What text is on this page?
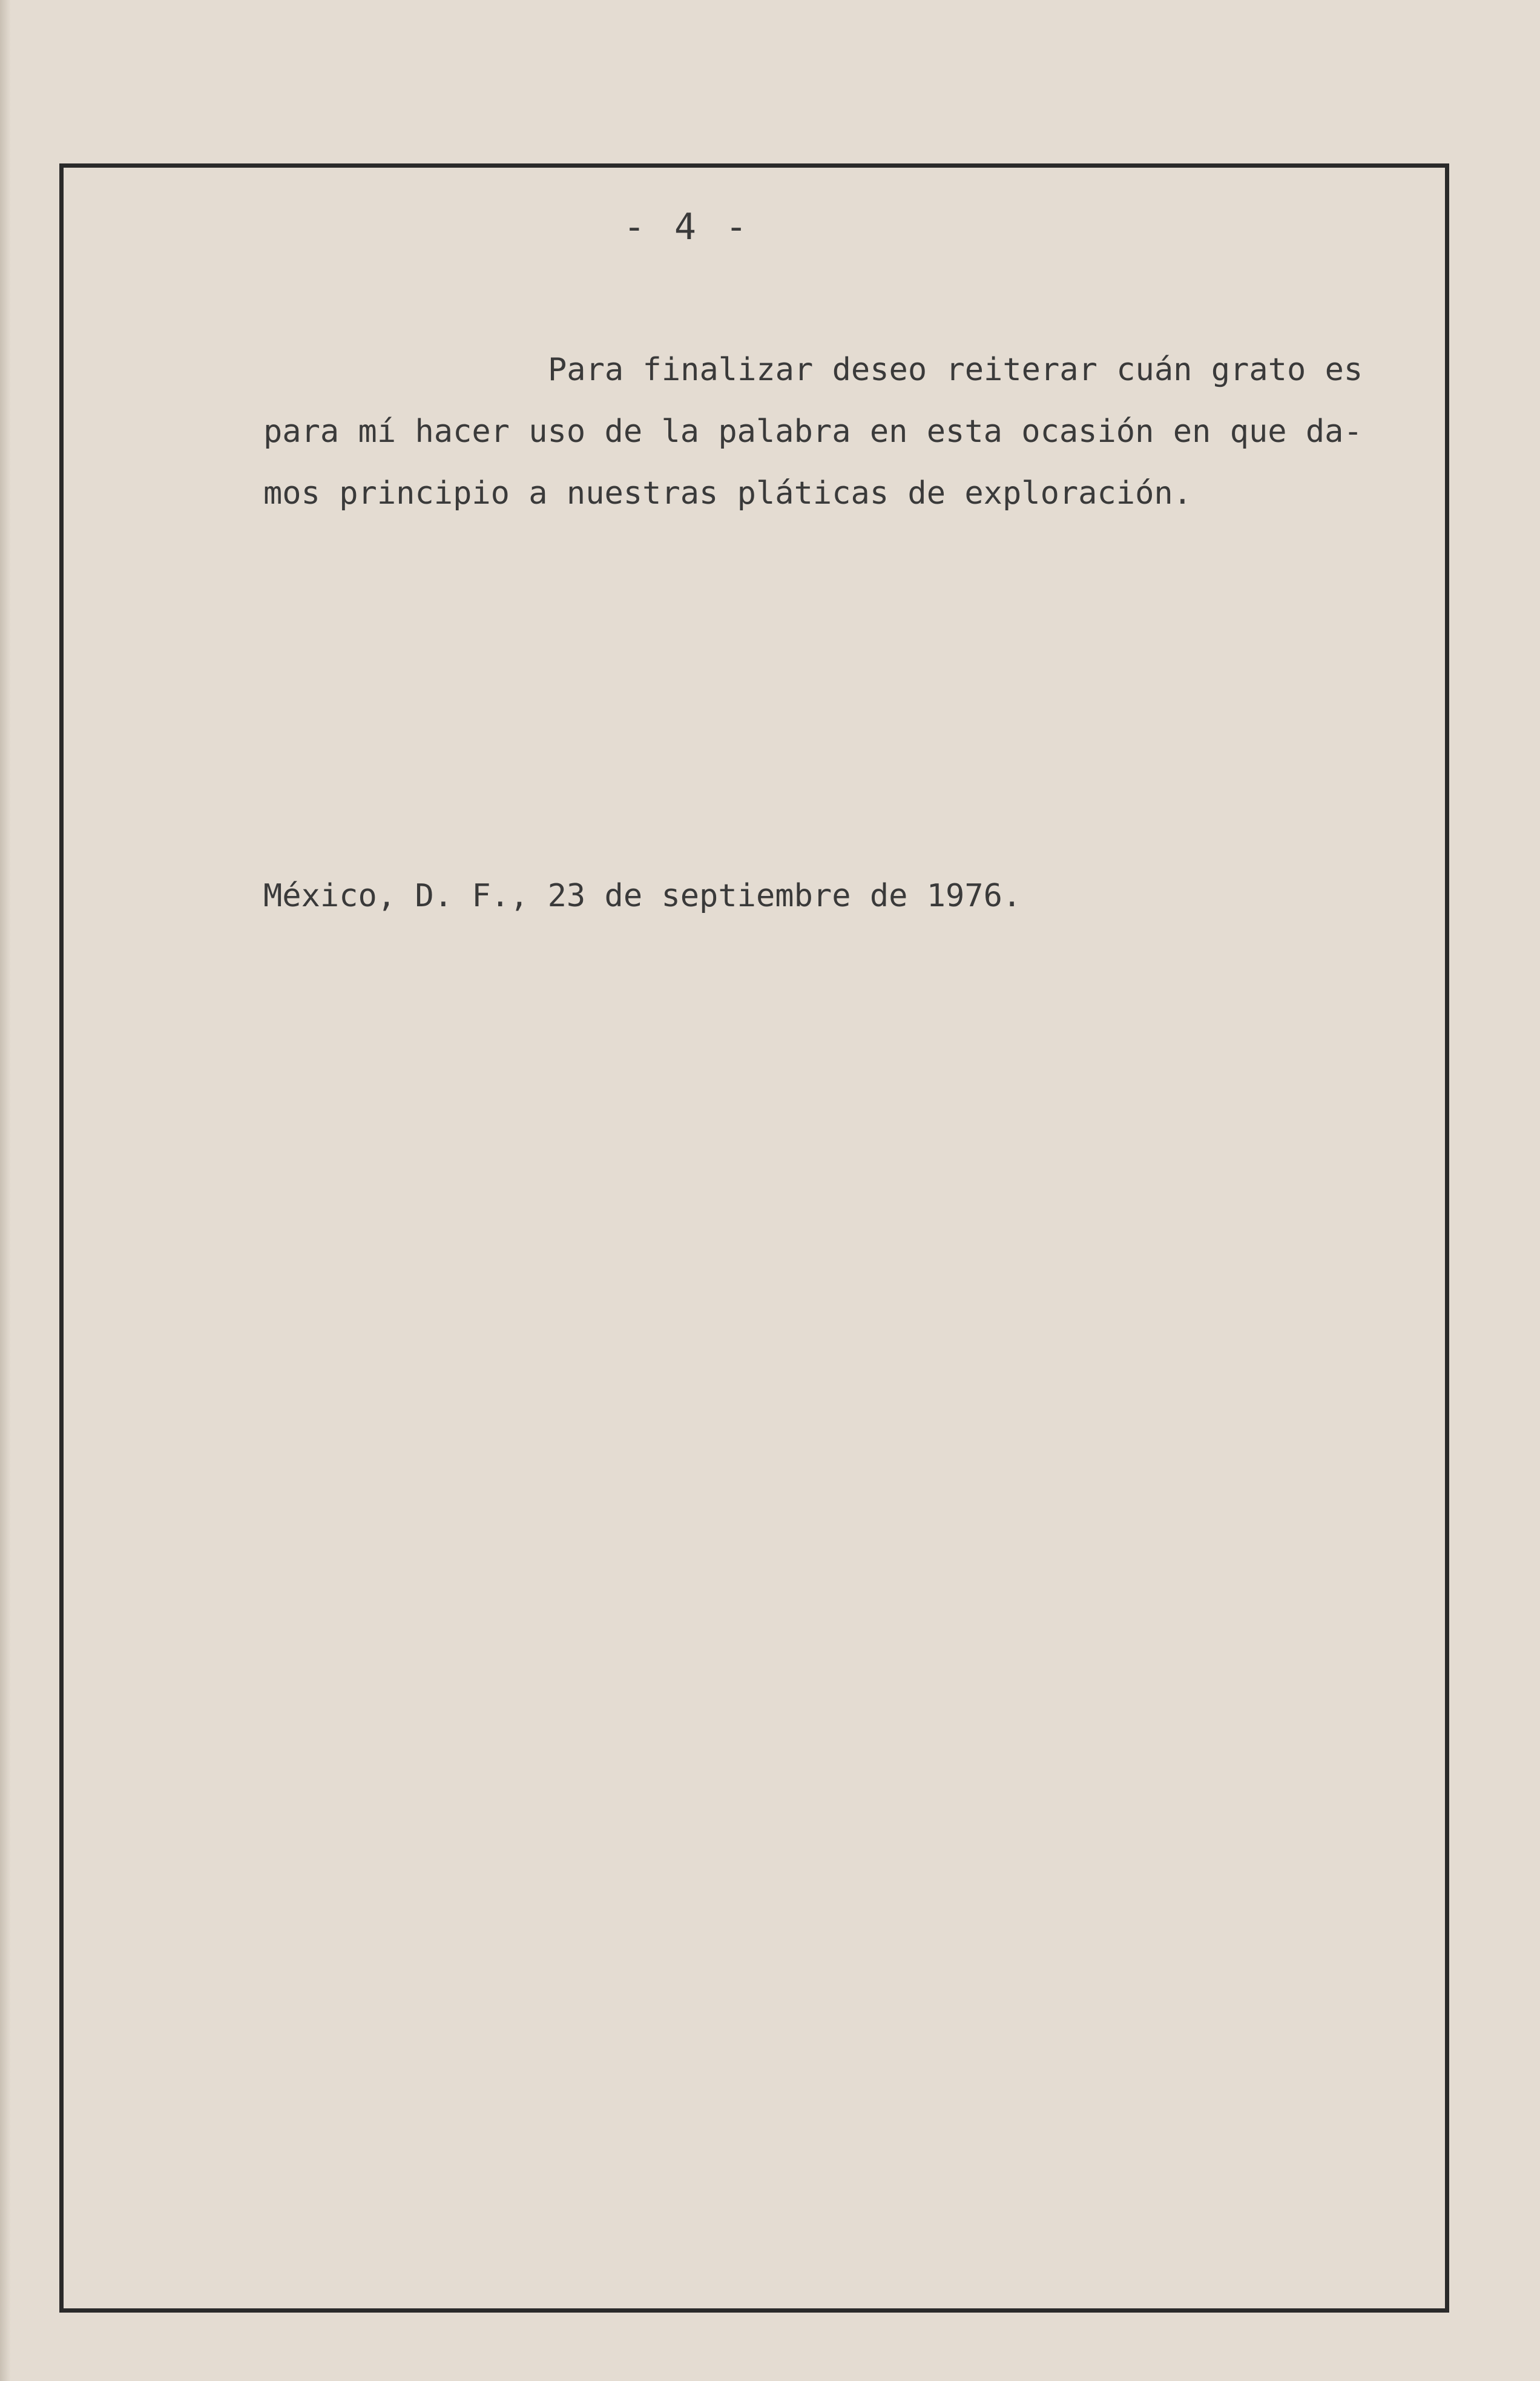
- 4 -

Para finalizar deseo reiterar cuán grato es
para mí hacer uso de la palabra en esta ocasión en que da-
mos principio a nuestras pláticas de exploración.

México, D. F., 23 de septiembre de 1976.
